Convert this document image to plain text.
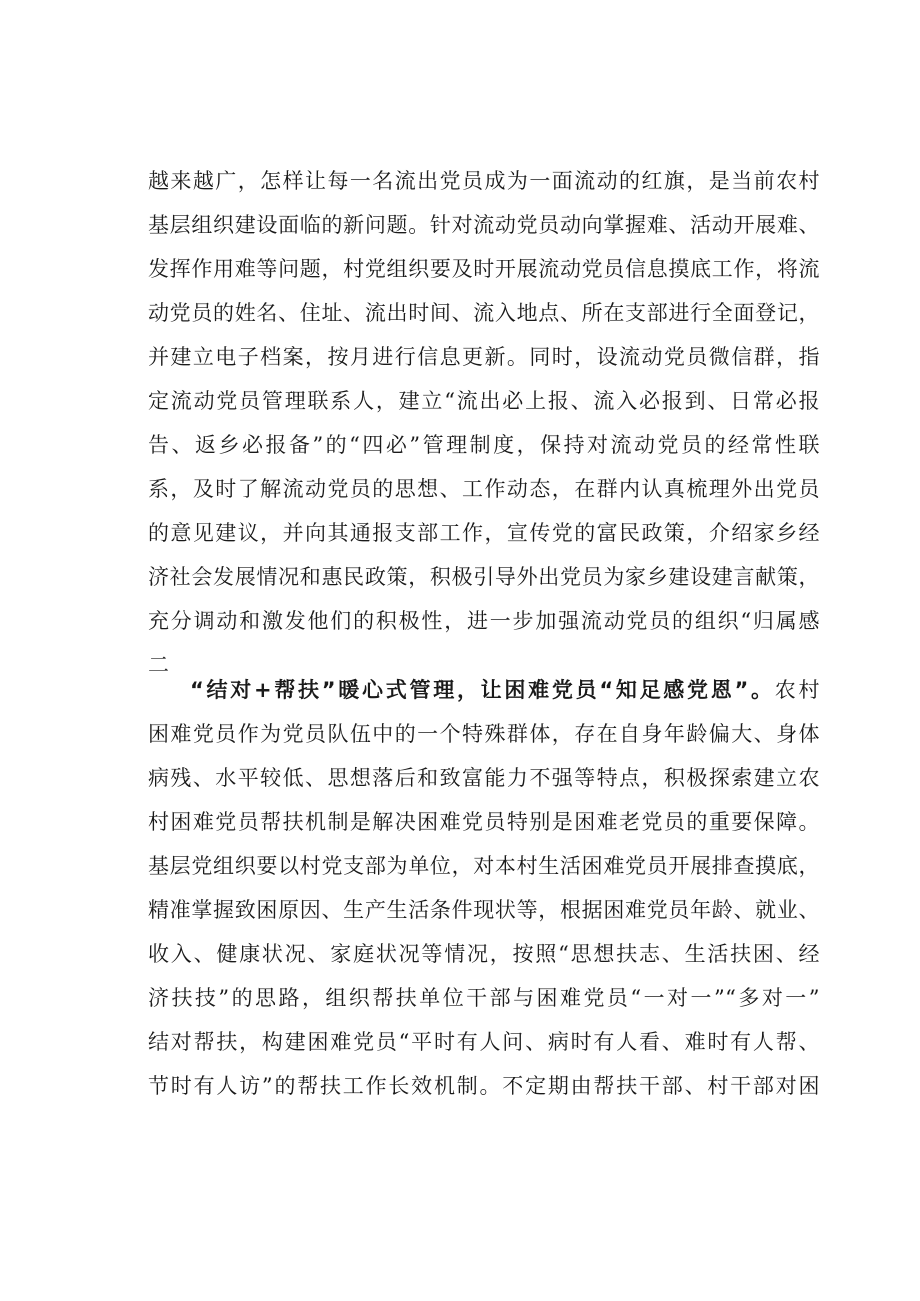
越来越广，怎样让每一名流出党员成为一面流动的红旗，是当前农村
基层组织建设面临的新问题。针对流动党员动向掌握难、活动开展难、
发挥作用难等问题，村党组织要及时开展流动党员信息摸底工作，将流
动党员的姓名、住址、流出时间、流入地点、所在支部进行全面登记，
并建立电子档案，按月进行信息更新。同时，设流动党员微信群，指
定流动党员管理联系人，建立“流出必上报、流入必报到、日常必报
告、返乡必报备”的“四必”管理制度，保持对流动党员的经常性联
系，及时了解流动党员的思想、工作动态，在群内认真梳理外出党员
的意见建议，并向其通报支部工作，宣传党的富民政策，介绍家乡经
济社会发展情况和惠民政策，积极引导外出党员为家乡建设建言献策，
充分调动和激发他们的积极性，进一步加强流动党员的组织“归属感
二
“结对+帮扶”暖心式管理，让困难党员“知足感党恩”。农村
困难党员作为党员队伍中的一个特殊群体，存在自身年龄偏大、身体
病残、水平较低、思想落后和致富能力不强等特点，积极探索建立农
村困难党员帮扶机制是解决困难党员特别是困难老党员的重要保障。
基层党组织要以村党支部为单位，对本村生活困难党员开展排查摸底，
精准掌握致困原因、生产生活条件现状等，根据困难党员年龄、就业、
收入、健康状况、家庭状况等情况，按照“思想扶志、生活扶困、经
济扶技”的思路，组织帮扶单位干部与困难党员“一对一”“多对一”
结对帮扶，构建困难党员“平时有人问、病时有人看、难时有人帮、
节时有人访”的帮扶工作长效机制。不定期由帮扶干部、村干部对困
